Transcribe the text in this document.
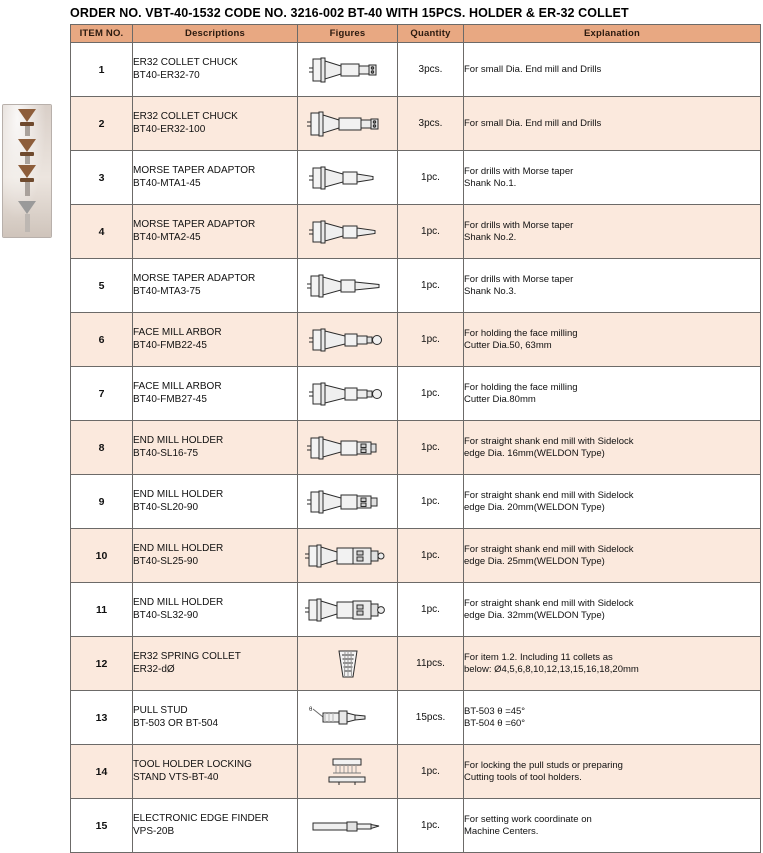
ORDER NO. VBT-40-1532 CODE NO. 3216-002 BT-40 WITH 15PCS. HOLDER & ER-32 COLLET
ITEM NO.	Descriptions	Figures	Quantity	Explanation
1	ER32 COLLET CHUCK
BT40-ER32-70		3pcs.	For small Dia. End mill and Drills

2	ER32 COLLET CHUCK
BT40-ER32-100		3pcs.	For small Dia. End mill and Drills

3	MORSE TAPER ADAPTOR
BT40-MTA1-45		1pc.	For drills with Morse taper
Shank No.1.

4	MORSE TAPER ADAPTOR
BT40-MTA2-45		1pc.	For drills with Morse taper
Shank No.2.

5	MORSE TAPER ADAPTOR
BT40-MTA3-75		1pc.	For drills with Morse taper
Shank No.3.

6	FACE MILL ARBOR
BT40-FMB22-45		1pc.	For holding the face milling
Cutter Dia.50, 63mm

7	FACE MILL ARBOR
BT40-FMB27-45		1pc.	For holding the face milling
Cutter Dia.80mm

8	END MILL HOLDER
BT40-SL16-75		1pc.	For straight shank end mill with Sidelock
edge Dia. 16mm(WELDON Type)

9	END MILL HOLDER
BT40-SL20-90		1pc.	For straight shank end mill with Sidelock
edge Dia. 20mm(WELDON Type)

10	END MILL HOLDER
BT40-SL25-90		1pc.	For straight shank end mill with Sidelock
edge Dia. 25mm(WELDON Type)

11	END MILL HOLDER
BT40-SL32-90		1pc.	For straight shank end mill with Sidelock
edge Dia. 32mm(WELDON Type)

12	ER32 SPRING COLLET
ER32-dØ		11pcs.	For item 1.2. Including 11 collets as
below: Ø4,5,6,8,10,12,13,15,16,18,20mm

13	PULL STUD
BT-503 OR BT-504	θ	15pcs.	BT-503 θ =45°
BT-504 θ =60°

14	TOOL HOLDER LOCKING
STAND VTS-BT-40		1pc.	For locking the pull studs or preparing
Cutting tools of tool holders.

15	ELECTRONIC EDGE FINDER
VPS-20B		1pc.	For setting work coordinate on
Machine Centers.
